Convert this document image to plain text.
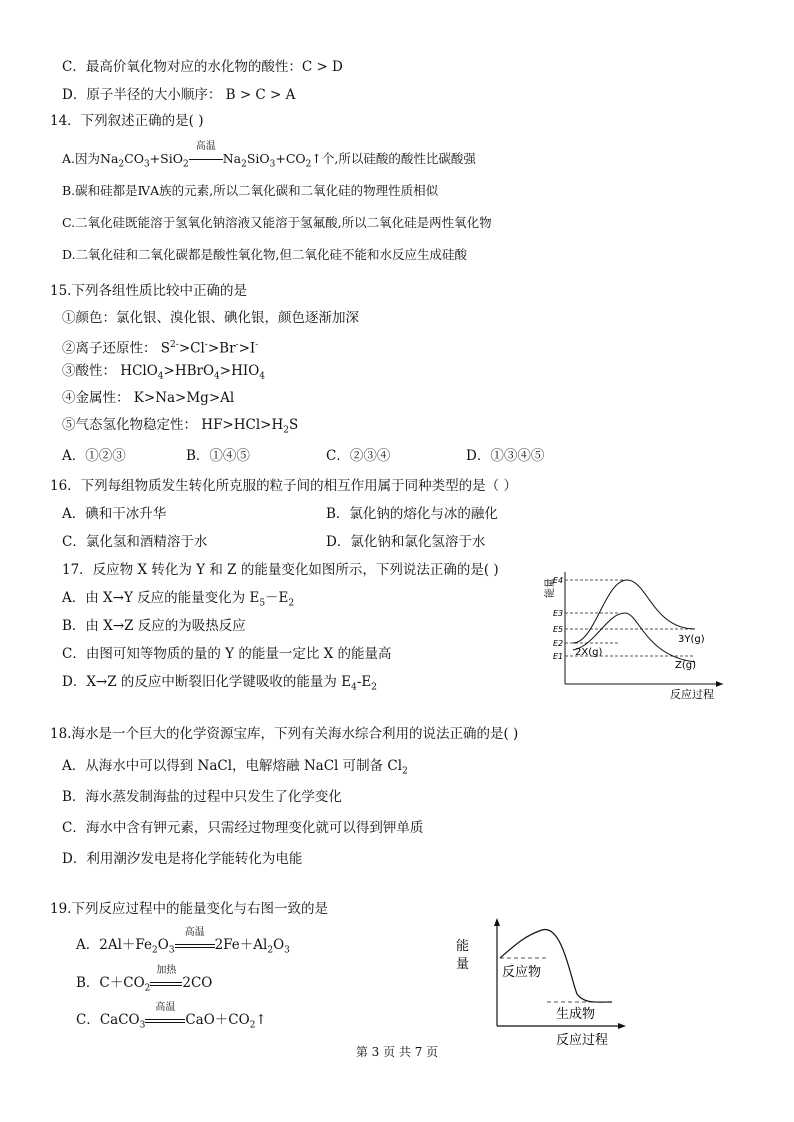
C．最高价氧化物对应的水化物的酸性：C > D
D．原子半径的大小顺序： B > C > A
14．下列叙述正确的是( )
A.因为$Na_2CO_3+SiO_2$
高温
$Na_2SiO_3+CO_2↑$个,所以硅酸的酸性比碳酸强
B.碳和硅都是ⅣA族的元素,所以二氧化碳和二氧化硅的物理性质相似
C.二氧化硅既能溶于氢氧化钠溶液又能溶于氢氟酸,所以二氧化硅是两性氧化物
D.二氧化硅和二氧化碳都是酸性氧化物,但二氧化硅不能和水反应生成硅酸
15.下列各组性质比较中正确的是
①颜色：氯化银、溴化银、碘化银，颜色逐渐加深
②离子还原性： $S^{2-}>Cl^->Br^->I^-$
③酸性： $HClO_4>HBrO_4>HIO_4$
④金属性： K>Na>Mg>Al
⑤气态氢化物稳定性： $HF>HCl>H_2S$
A．①②③	B．①④⑤	C．②③④	D．①③④⑤
16．下列每组物质发生转化所克服的粒子间的相互作用属于同种类型的是（ ）
A．碘和干冰升华	B．氯化钠的熔化与冰的融化
C．氯化氢和酒精溶于水	D．氯化钠和氯化氢溶于水
17．反应物 X 转化为 Y 和 Z 的能量变化如图所示，下列说法正确的是( )
A．由 X→Y 反应的能量变化为 $E_5-E_2$
B．由 X→Z 反应的为吸热反应
C．由图可知等物质的量的 Y 的能量一定比 X 的能量高
D．X→Z 的反应中断裂旧化学键吸收的能量为 $E_4-E_2$
能量
E4
E3
E5
E2
E1
3Y(g)
2X(g)
Z(g)
反应过程
18.海水是一个巨大的化学资源宝库，下列有关海水综合利用的说法正确的是( )
A．从海水中可以得到 NaCl，电解熔融 NaCl 可制备 $Cl_2$
B．海水蒸发制海盐的过程中只发生了化学变化
C．海水中含有钾元素，只需经过物理变化就可以得到钾单质
D．利用潮汐发电是将化学能转化为电能
19.下列反应过程中的能量变化与右图一致的是
A．$2Al+Fe_2O_3$
高温
$2Fe+Al_2O_3$
B．$C+CO_2$
加热
2CO
C．CaCO$_3$
高温
$CaO+CO_2↑$
能
量
反应物
生成物
反应过程
第 3 页 共 7 页
